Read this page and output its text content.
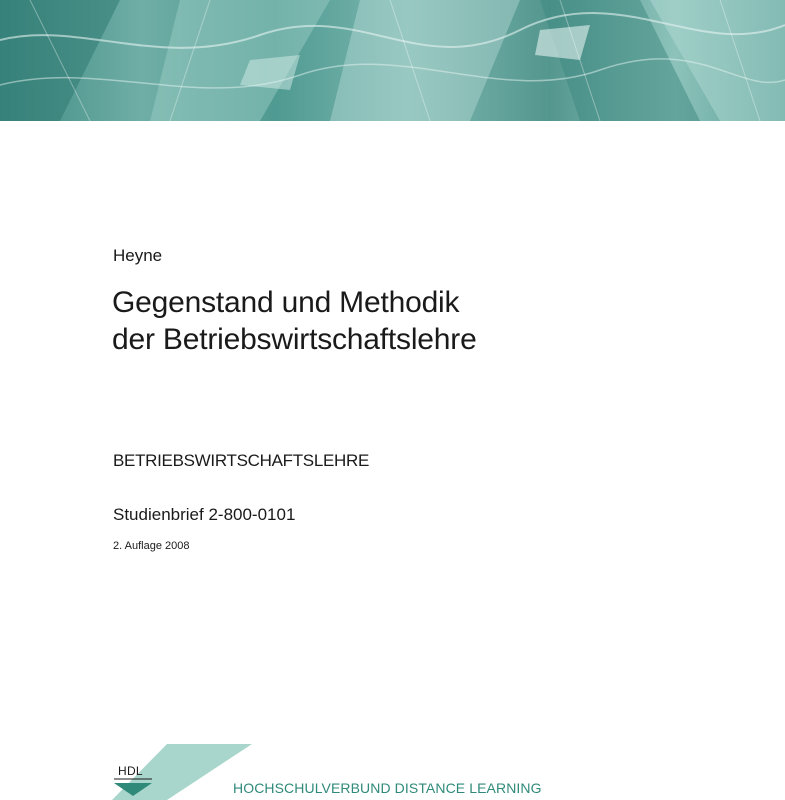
Heyne
Gegenstand und Methodik
der Betriebswirtschaftslehre
BETRIEBSWIRTSCHAFTSLEHRE
Studienbrief 2-800-0101
2. Auflage 2008
HDL
HOCHSCHULVERBUND DISTANCE LEARNING
